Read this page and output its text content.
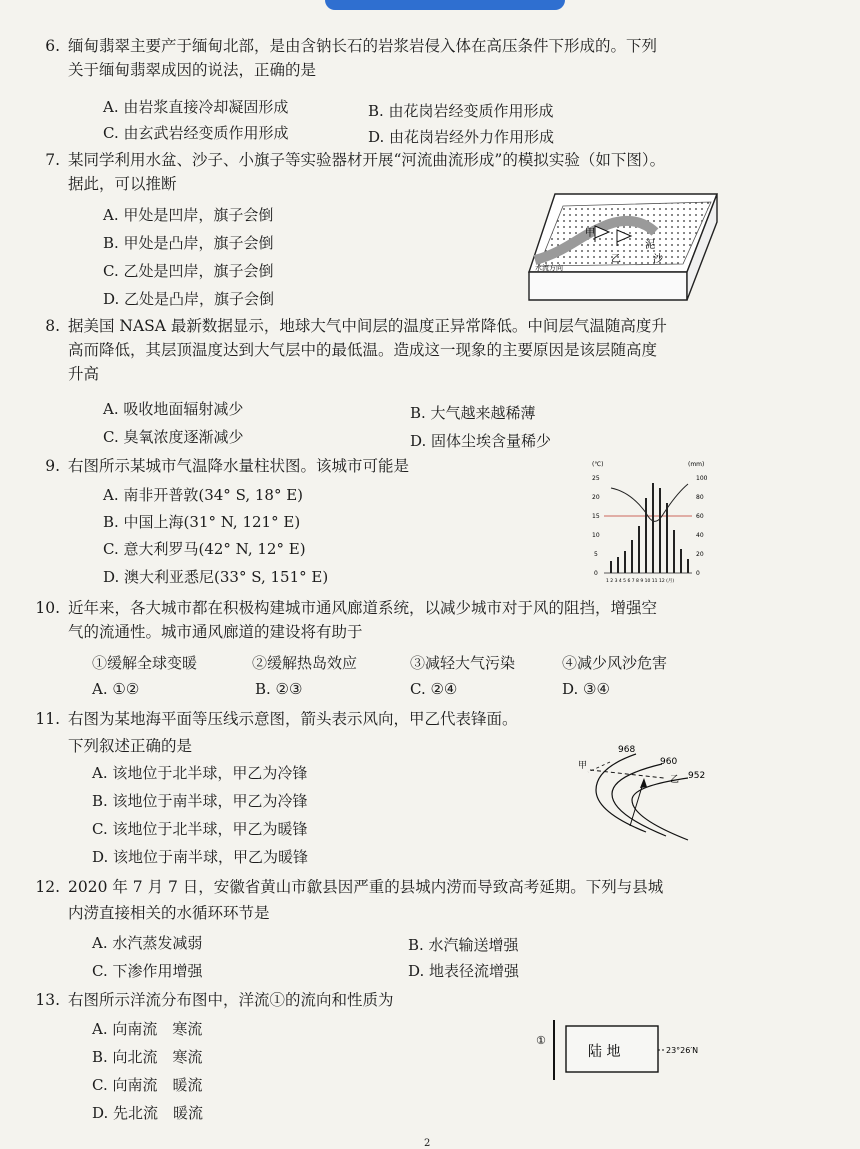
6. 缅甸翡翠主要产于缅甸北部，是由含钠长石的岩浆岩侵入体在高压条件下形成的。下列
关于缅甸翡翠成因的说法，正确的是
A. 由岩浆直接冷却凝固形成	B. 由花岗岩经变质作用形成
C. 由玄武岩经变质作用形成	D. 由花岗岩经外力作用形成
7. 某同学利用水盆、沙子、小旗子等实验器材开展“河流曲流形成”的模拟实验（如下图）。
据此，可以推断
A. 甲处是凹岸，旗子会倒
B. 甲处是凸岸，旗子会倒
C. 乙处是凹岸，旗子会倒
D. 乙处是凸岸，旗子会倒
甲
乙
泥沙
水流方向
8. 据美国 NASA 最新数据显示，地球大气中间层的温度正异常降低。中间层气温随高度升
高而降低，其层顶温度达到大气层中的最低温。造成这一现象的主要原因是该层随高度
升高
A. 吸收地面辐射减少	B. 大气越来越稀薄
C. 臭氧浓度逐渐减少	D. 固体尘埃含量稀少
9. 右图所示某城市气温降水量柱状图。该城市可能是
A. 南非开普敦(34° S, 18° E)
B. 中国上海(31° N, 121° E)
C. 意大利罗马(42° N, 12° E)
D. 澳大利亚悉尼(33° S, 151° E)
(℃)	(mm)
25
20
15
10
5
0
100
80
60
40
20
0
1 2 3 4 5 6 7 8 9 10 11 12 (月)
10. 近年来，各大城市都在积极构建城市通风廊道系统，以减少城市对于风的阻挡，增强空
气的流通性。城市通风廊道的建设将有助于
①缓解全球变暖	②缓解热岛效应	③减轻大气污染	④减少风沙危害
A. ①②	B. ②③	C. ②④	D. ③④
11. 右图为某地海平面等压线示意图，箭头表示风向，甲乙代表锋面。
下列叙述正确的是
A. 该地位于北半球，甲乙为冷锋
B. 该地位于南半球，甲乙为冷锋
C. 该地位于北半球，甲乙为暖锋
D. 该地位于南半球，甲乙为暖锋
968
960
952
甲
乙
12. 2020 年 7 月 7 日，安徽省黄山市歙县因严重的县城内涝而导致高考延期。下列与县城
内涝直接相关的水循环环节是
A. 水汽蒸发减弱	B. 水汽输送增强
C. 下渗作用增强	D. 地表径流增强
13. 右图所示洋流分布图中，洋流①的流向和性质为
A. 向南流　寒流
B. 向北流　寒流
C. 向南流　暖流
D. 先北流　暖流
①
陆 地	23°26′N
2
